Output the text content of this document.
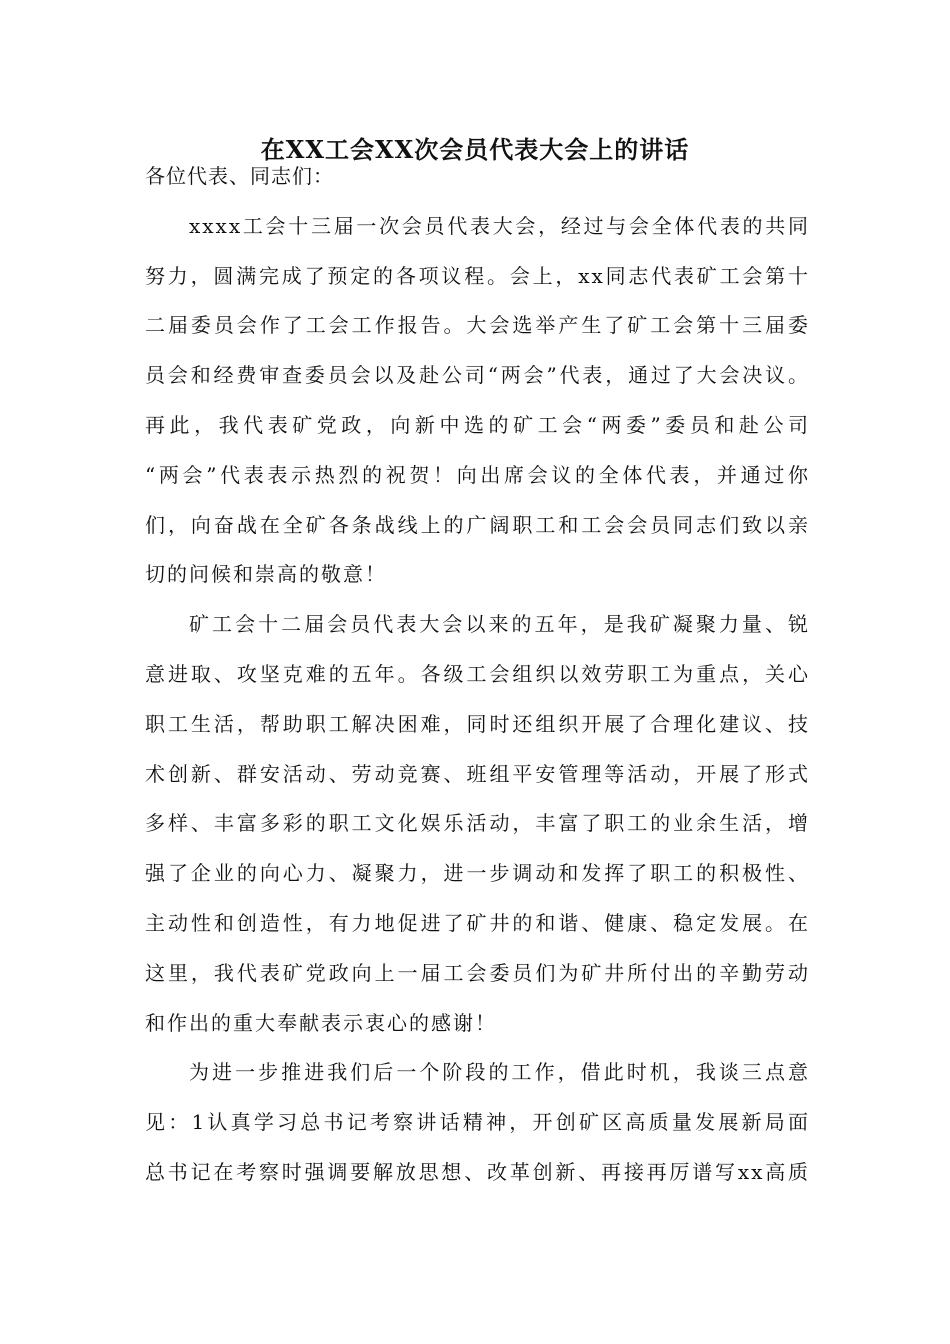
在XX工会XX次会员代表大会上的讲话

各位代表、同志们：

xxxx工会十三届一次会员代表大会，经过与会全体代表的共同
努力，圆满完成了预定的各项议程。会上，xx同志代表矿工会第十
二届委员会作了工会工作报告。大会选举产生了矿工会第十三届委
员会和经费审查委员会以及赴公司“两会”代表，通过了大会决议。
再此，我代表矿党政，向新中选的矿工会“两委”委员和赴公司
“两会”代表表示热烈的祝贺！向出席会议的全体代表，并通过你
们，向奋战在全矿各条战线上的广阔职工和工会会员同志们致以亲
切的问候和崇高的敬意！

矿工会十二届会员代表大会以来的五年，是我矿凝聚力量、锐
意进取、攻坚克难的五年。各级工会组织以效劳职工为重点，关心
职工生活，帮助职工解决困难，同时还组织开展了合理化建议、技
术创新、群安活动、劳动竞赛、班组平安管理等活动，开展了形式
多样、丰富多彩的职工文化娱乐活动，丰富了职工的业余生活，增
强了企业的向心力、凝聚力，进一步调动和发挥了职工的积极性、
主动性和创造性，有力地促进了矿井的和谐、健康、稳定发展。在
这里，我代表矿党政向上一届工会委员们为矿井所付出的辛勤劳动
和作出的重大奉献表示衷心的感谢！

为进一步推进我们后一个阶段的工作，借此时机，我谈三点意
见：1认真学习总书记考察讲话精神，开创矿区高质量发展新局面
总书记在考察时强调要解放思想、改革创新、再接再厉谱写xx高质
